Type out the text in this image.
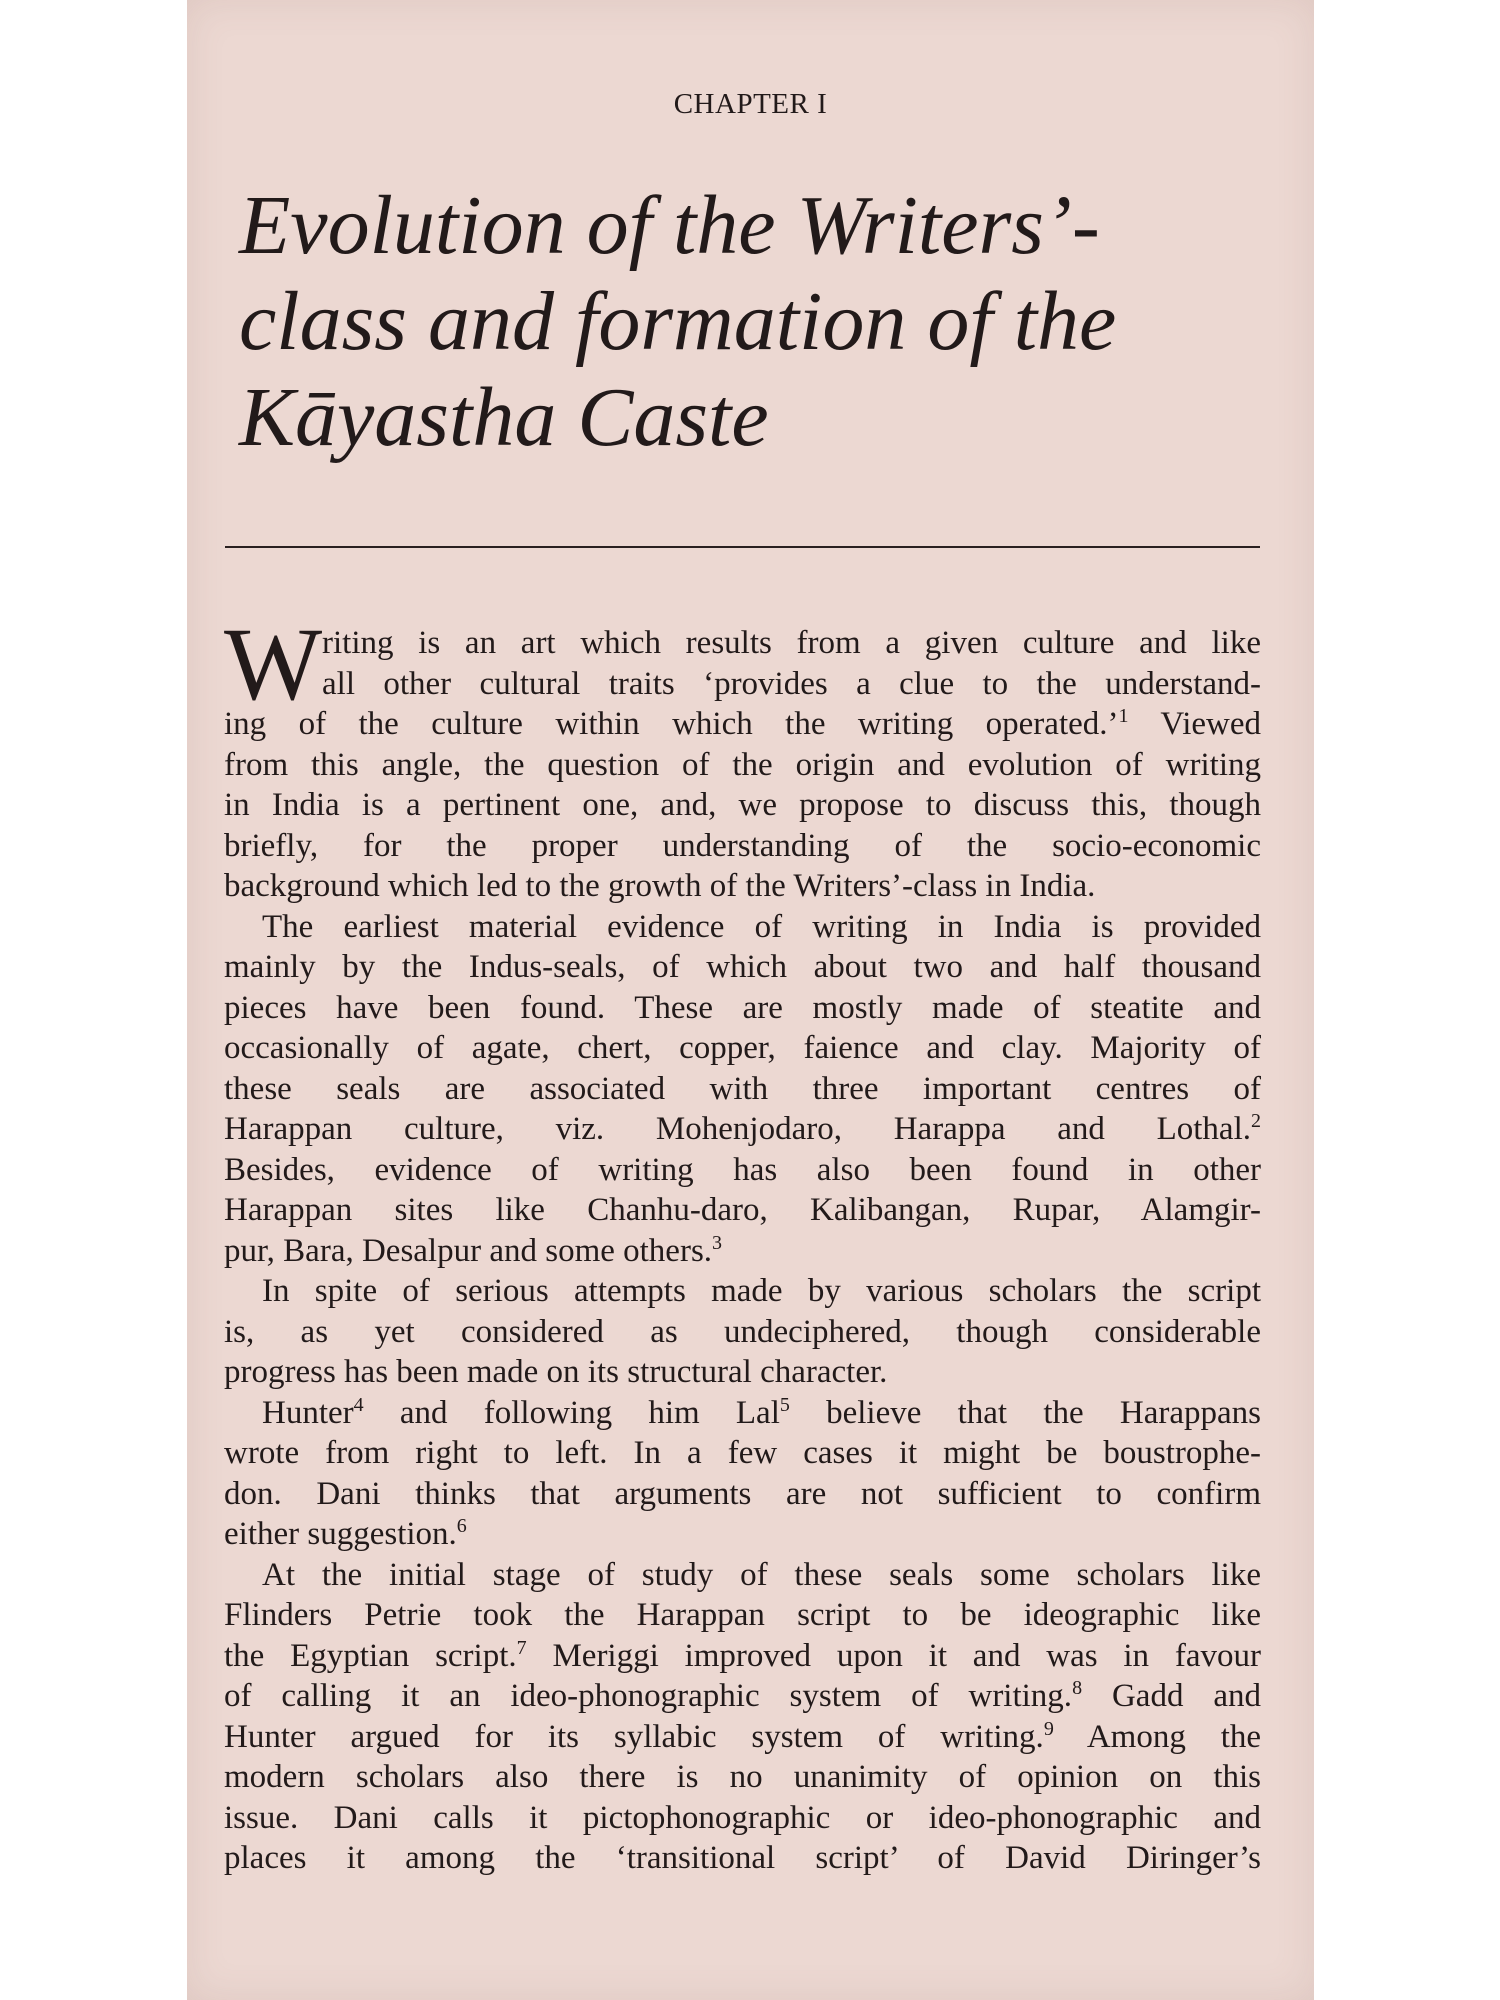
CHAPTER I

Evolution of the Writers’-
class and formation of the
Kāyastha Caste
W riting is an art which results from a given culture and like
all other cultural traits ‘provides a clue to the understand-
ing of the culture within which the writing operated.’$^1$ Viewed
from this angle, the question of the origin and evolution of writing
in India is a pertinent one, and, we propose to discuss this, though
briefly, for the proper understanding of the socio-economic
background which led to the growth of the Writers’-class in India.
The earliest material evidence of writing in India is provided
mainly by the Indus-seals, of which about two and half thousand
pieces have been found. These are mostly made of steatite and
occasionally of agate, chert, copper, faience and clay. Majority of
these seals are associated with three important centres of
Harappan culture, viz. Mohenjodaro, Harappa and Lothal.$^2$
Besides, evidence of writing has also been found in other
Harappan sites like Chanhu-daro, Kalibangan, Rupar, Alamgir-
pur, Bara, Desalpur and some others.$^3$
In spite of serious attempts made by various scholars the script
is, as yet considered as undeciphered, though considerable
progress has been made on its structural character.
Hunter$^4$ and following him Lal$^5$ believe that the Harappans
wrote from right to left. In a few cases it might be boustrophe-
don. Dani thinks that arguments are not sufficient to confirm
either suggestion.$^6$
At the initial stage of study of these seals some scholars like
Flinders Petrie took the Harappan script to be ideographic like
the Egyptian script.$^7$ Meriggi improved upon it and was in favour
of calling it an ideo-phonographic system of writing.$^8$ Gadd and
Hunter argued for its syllabic system of writing.$^9$ Among the
modern scholars also there is no unanimity of opinion on this
issue. Dani calls it pictophonographic or ideo-phonographic and
places it among the ‘transitional script’ of David Diringer’s
